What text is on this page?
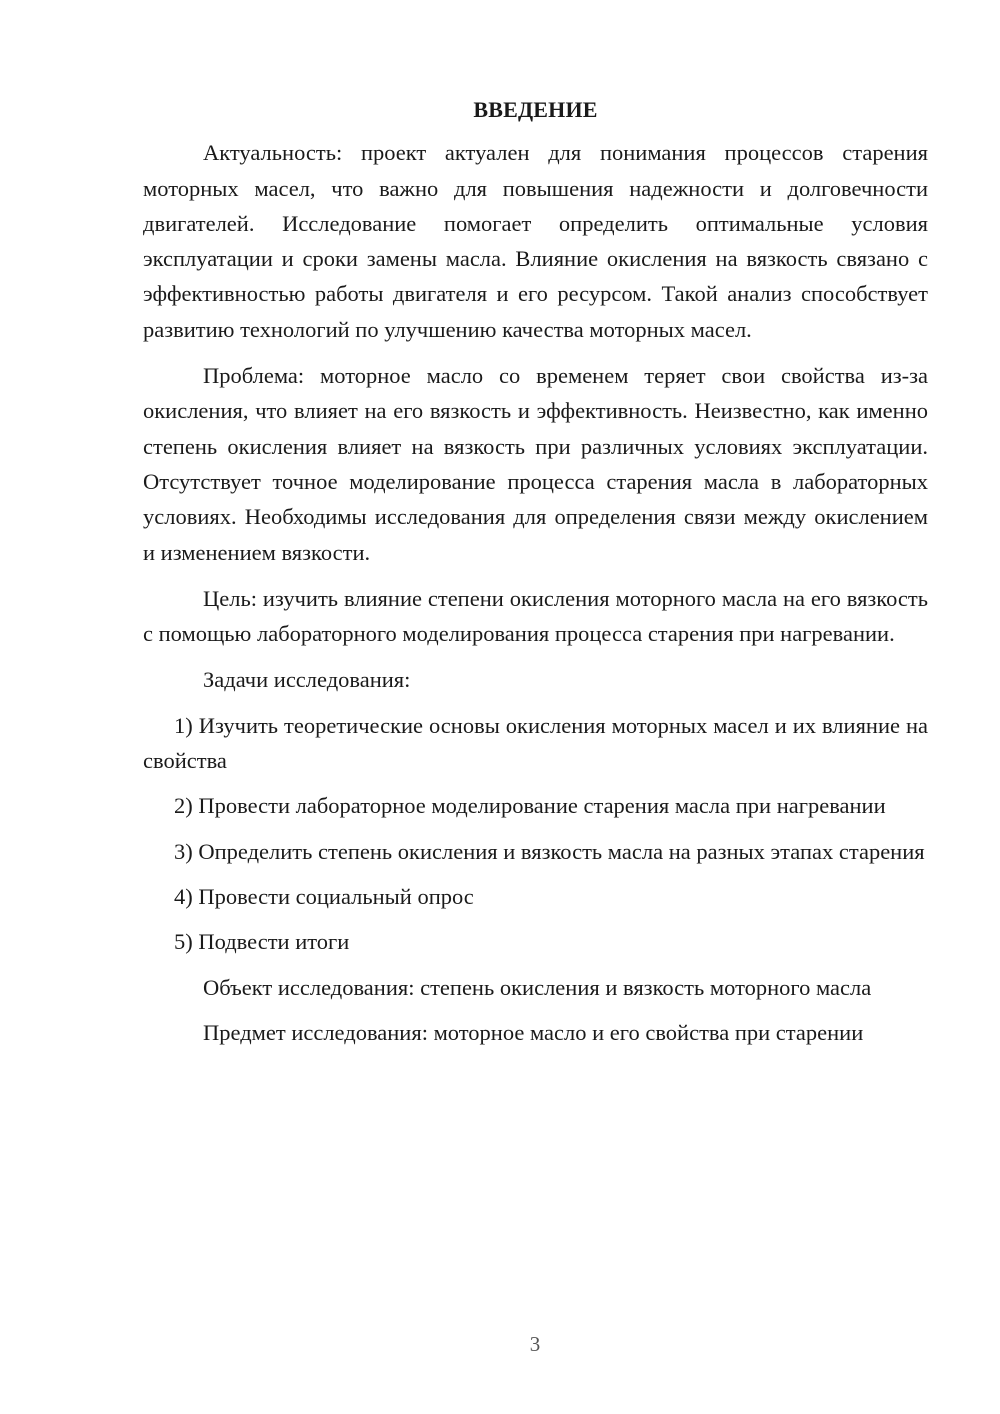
ВВЕДЕНИЕ

Актуальность: проект актуален для понимания процессов старения моторных масел, что важно для повышения надежности и долговечности двигателей. Исследование помогает определить оптимальные условия эксплуатации и сроки замены масла. Влияние окисления на вязкость связано с эффективностью работы двигателя и его ресурсом. Такой анализ способствует развитию технологий по улучшению качества моторных масел.

Проблема: моторное масло со временем теряет свои свойства из-за окисления, что влияет на его вязкость и эффективность. Неизвестно, как именно степень окисления влияет на вязкость при различных условиях эксплуатации. Отсутствует точное моделирование процесса старения масла в лабораторных условиях. Необходимы исследования для определения связи между окислением и изменением вязкости.

Цель: изучить влияние степени окисления моторного масла на его вязкость с помощью лабораторного моделирования процесса старения при нагревании.

Задачи исследования:

1) Изучить теоретические основы окисления моторных масел и их влияние на свойства

2) Провести лабораторное моделирование старения масла при нагревании

3) Определить степень окисления и вязкость масла на разных этапах старения

4) Провести социальный опрос

5) Подвести итоги

Объект исследования: степень окисления и вязкость моторного масла

Предмет исследования: моторное масло и его свойства при старении

3
